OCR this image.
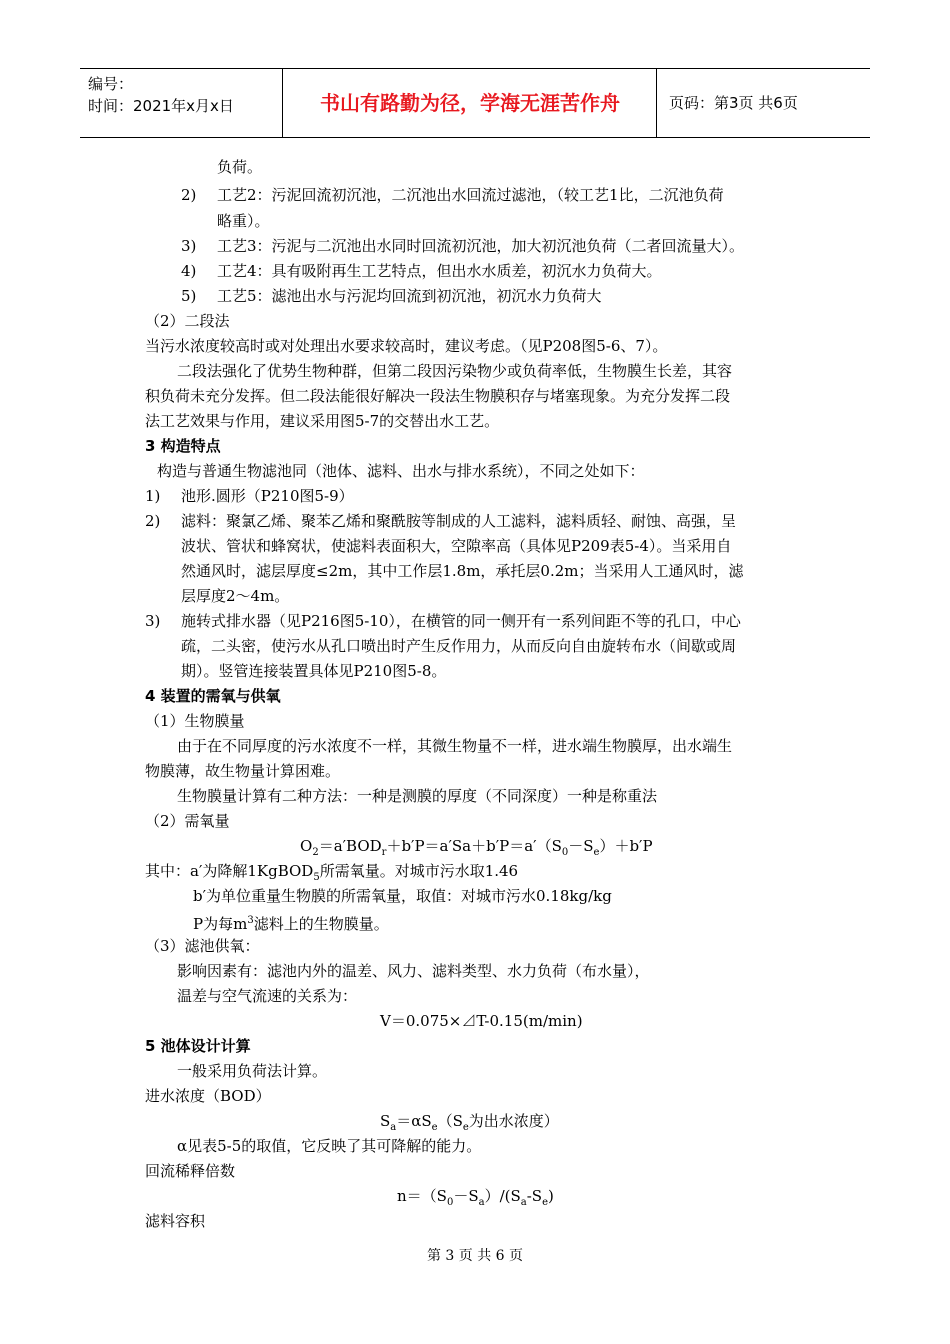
编号：
时间：2021年x月x日	书山有路勤为径，学海无涯苦作舟	页码：第3页 共6页
负荷。
2) 工艺2：污泥回流初沉池，二沉池出水回流过滤池，（较工艺1比，二沉池负荷
略重）。
3) 工艺3：污泥与二沉池出水同时回流初沉池，加大初沉池负荷（二者回流量大）。
4) 工艺4：具有吸附再生工艺特点，但出水水质差，初沉水力负荷大。
5) 工艺5：滤池出水与污泥均回流到初沉池，初沉水力负荷大
（2）二段法
当污水浓度较高时或对处理出水要求较高时，建议考虑。（见P208图5-6、7）。
二段法强化了优势生物种群，但第二段因污染物少或负荷率低，生物膜生长差，其容
积负荷未充分发挥。但二段法能很好解决一段法生物膜积存与堵塞现象。为充分发挥二段
法工艺效果与作用，建议采用图5-7的交替出水工艺。
3 构造特点
构造与普通生物滤池同（池体、滤料、出水与排水系统），不同之处如下：
1) 池形.圆形（P210图5-9）
2) 滤料：聚氯乙烯、聚苯乙烯和聚酰胺等制成的人工滤料，滤料质轻、耐蚀、高强，呈
波状、管状和蜂窝状，使滤料表面积大，空隙率高（具体见P209表5-4）。当采用自
然通风时，滤层厚度≤2m，其中工作层1.8m，承托层0.2m；当采用人工通风时，滤
层厚度2～4m。
3) 施转式排水器（见P216图5-10），在横管的同一侧开有一系列间距不等的孔口，中心
疏，二头密，使污水从孔口喷出时产生反作用力，从而反向自由旋转布水（间歇或周
期）。竖管连接装置具体见P210图5-8。
4 装置的需氧与供氧
（1）生物膜量
由于在不同厚度的污水浓度不一样，其微生物量不一样，进水端生物膜厚，出水端生
物膜薄，故生物量计算困难。
生物膜量计算有二种方法：一种是测膜的厚度（不同深度）一种是称重法
（2）需氧量
$O_2=a'BOD_r+b'P=a'Sa+b'P=a'(S_0-S_e)+b'P$
其中：a′为降解1KgBOD$_5$所需氧量。对城市污水取1.46
b′为单位重量生物膜的所需氧量，取值：对城市污水0.18kg/kg
P为每$m^3$滤料上的生物膜量。
（3）滤池供氧：
影响因素有：滤池内外的温差、风力、滤料类型、水力负荷（布水量），
温差与空气流速的关系为：
V＝0.075×⊿T-0.15(m/min)
5 池体设计计算
一般采用负荷法计算。
进水浓度（BOD）
$S_a=\alpha S_e(S_e$为出水浓度）
α见表5-5的取值，它反映了其可降解的能力。
回流稀释倍数
$n=(S_0-S_a)/(S_a-S_e)$
滤料容积
第 3 页 共 6 页
